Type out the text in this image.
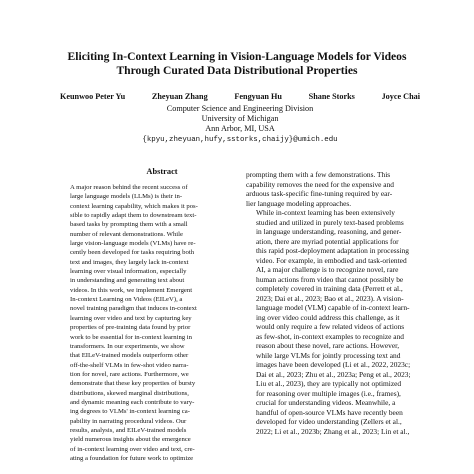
Eliciting In-Context Learning in Vision-Language Models for Videos
Through Curated Data Distributional Properties
Keunwoo Peter Yu	Zheyuan Zhang	Fengyuan Hu	Shane Storks	Joyce Chai
Computer Science and Engineering Division
University of Michigan
Ann Arbor, MI, USA
{kpyu,zheyuan,hufy,sstorks,chaijy}@umich.edu
Abstract
A major reason behind the recent success of
large language models (LLMs) is their in-
context learning capability, which makes it pos-
sible to rapidly adapt them to downstream text-
based tasks by prompting them with a small
number of relevant demonstrations. While
large vision-language models (VLMs) have re-
cently been developed for tasks requiring both
text and images, they largely lack in-context
learning over visual information, especially
in understanding and generating text about
videos. In this work, we implement Emergent
In-context Learning on Videos (EILeV), a
novel training paradigm that induces in-context
learning over video and text by capturing key
properties of pre-training data found by prior
work to be essential for in-context learning in
transformers. In our experiments, we show
that EILeV-trained models outperform other
off-the-shelf VLMs in few-shot video narra-
tion for novel, rare actions. Furthermore, we
demonstrate that these key properties of bursty
distributions, skewed marginal distributions,
and dynamic meaning each contribute to vary-
ing degrees to VLMs' in-context learning ca-
pability in narrating procedural videos. Our
results, analysis, and EILeV-trained models
yield numerous insights about the emergence
of in-context learning over video and text, cre-
ating a foundation for future work to optimize

prompting them with a few demonstrations. This
capability removes the need for the expensive and
arduous task-specific fine-tuning required by ear-
lier language modeling approaches.

While in-context learning has been extensively
studied and utilized in purely text-based problems
in language understanding, reasoning, and gener-
ation, there are myriad potential applications for
this rapid post-deployment adaptation in processing
video. For example, in embodied and task-oriented
AI, a major challenge is to recognize novel, rare
human actions from video that cannot possibly be
completely covered in training data (Perrett et al.,
2023; Dai et al., 2023; Bao et al., 2023). A vision-
language model (VLM) capable of in-context learn-
ing over video could address this challenge, as it
would only require a few related videos of actions
as few-shot, in-context examples to recognize and
reason about these novel, rare actions. However,
while large VLMs for jointly processing text and
images have been developed (Li et al., 2022, 2023c;
Dai et al., 2023; Zhu et al., 2023a; Peng et al., 2023;
Liu et al., 2023), they are typically not optimized
for reasoning over multiple images (i.e., frames),
crucial for understanding videos. Meanwhile, a
handful of open-source VLMs have recently been
developed for video understanding (Zellers et al.,
2022; Li et al., 2023b; Zhang et al., 2023; Lin et al.,
